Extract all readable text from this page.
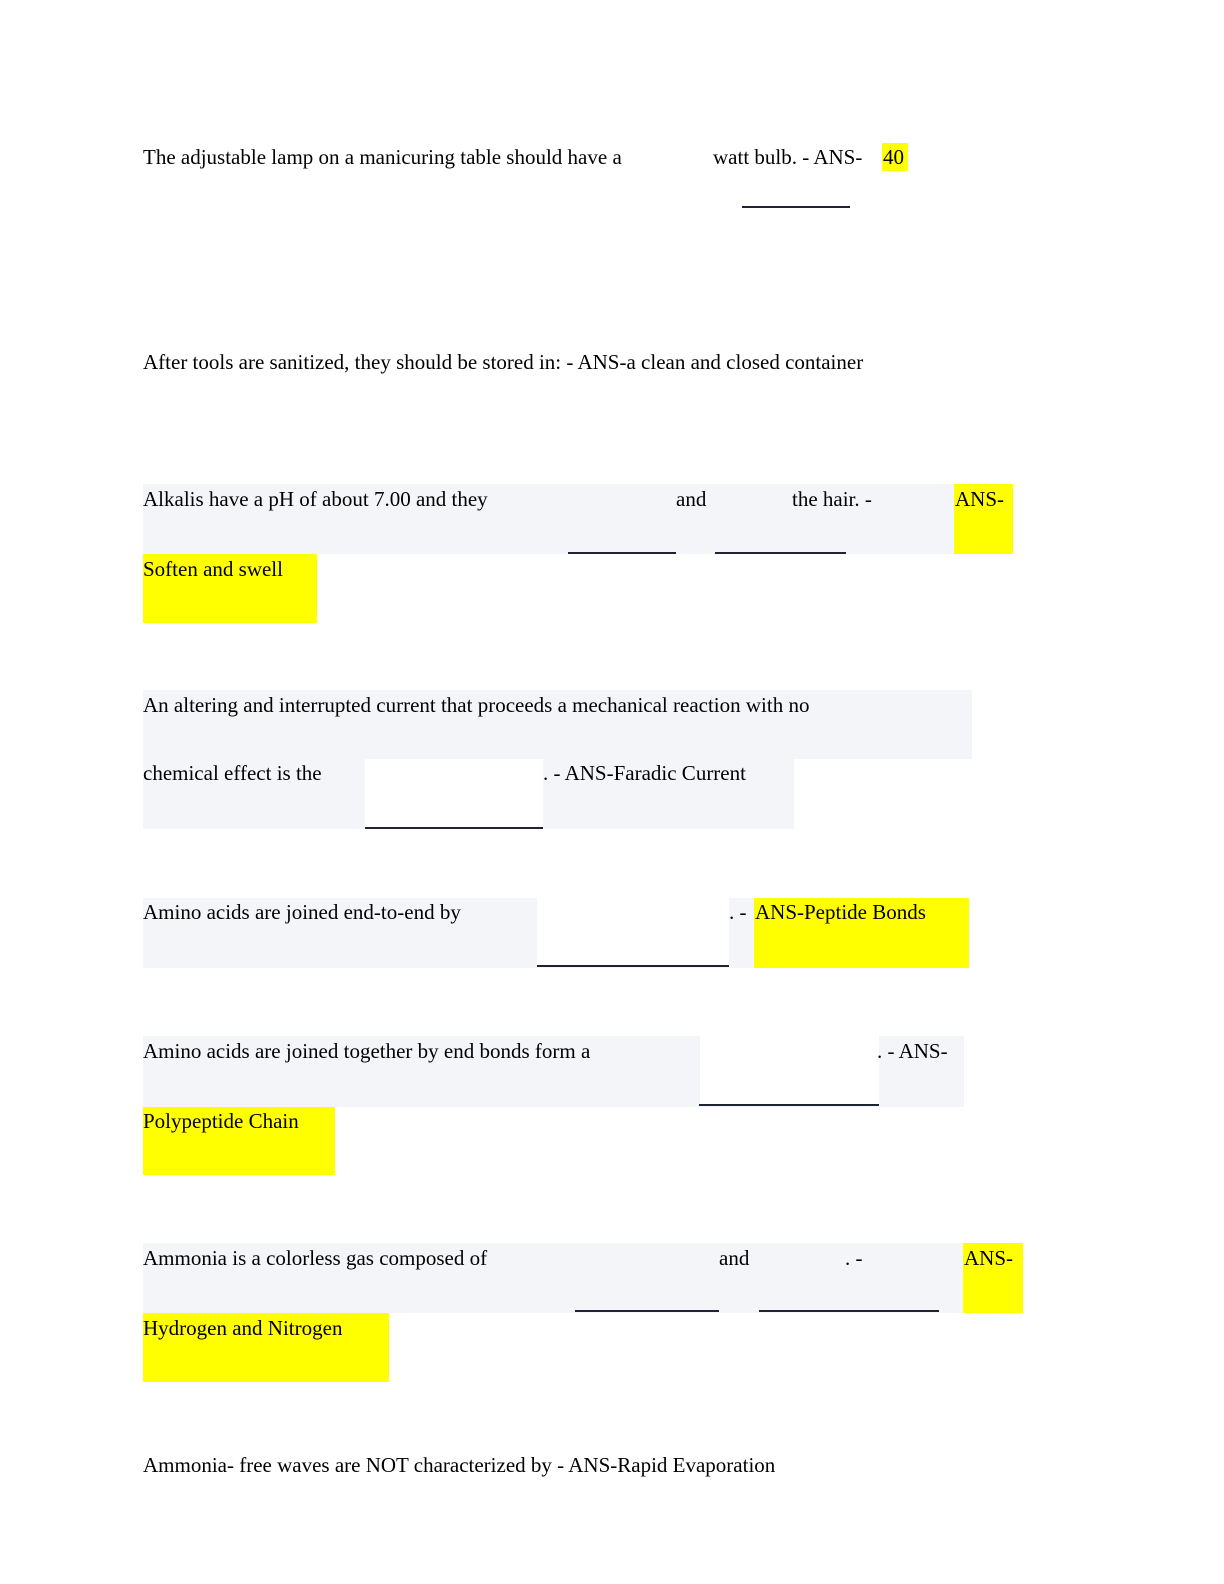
The adjustable lamp on a manicuring table should have a	watt bulb. - ANS- 40
After tools are sanitized, they should be stored in: - ANS-a clean and closed container
Alkalis have a pH of about 7.00 and they	and	the hair. -	ANS-
Soften and swell
An altering and interrupted current that proceeds a mechanical reaction with no
chemical effect is the	. - ANS-Faradic Current
Amino acids are joined end-to-end by	. - ANS-Peptide Bonds
Amino acids are joined together by end bonds form a	. - ANS-
Polypeptide Chain
Ammonia is a colorless gas composed of	and	. -	ANS-
Hydrogen and Nitrogen
Ammonia- free waves are NOT characterized by - ANS-Rapid Evaporation
